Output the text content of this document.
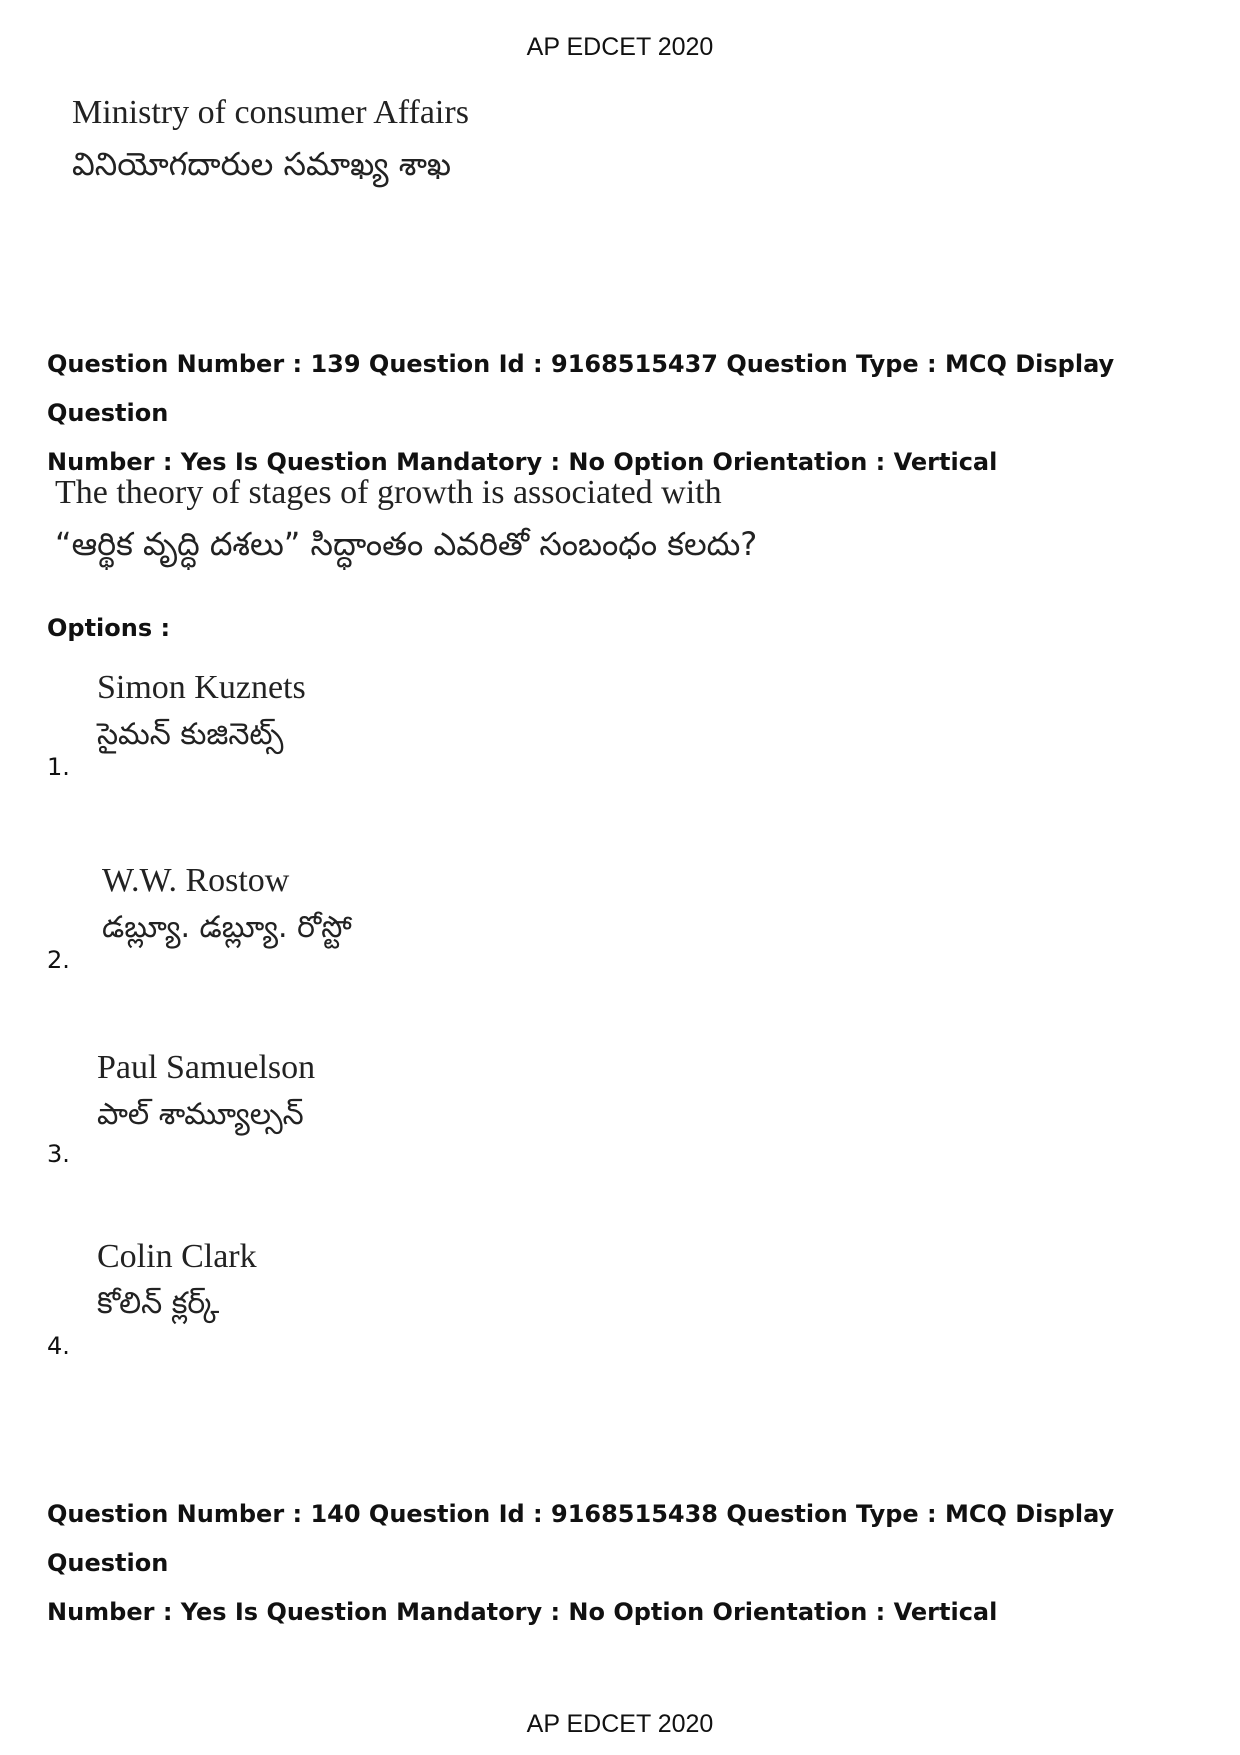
AP EDCET 2020
Ministry of consumer Affairs
వినియోగదారుల సమాఖ్య శాఖ
Question Number : 139 Question Id : 9168515437 Question Type : MCQ Display Question
Number : Yes Is Question Mandatory : No Option Orientation : Vertical
The theory of stages of growth is associated with
“ఆర్థిక వృద్ధి దశలు” సిద్ధాంతం ఎవరితో సంబంధం కలదు?
Options :
Simon Kuznets
సైమన్ కుజినెట్స్
1.
W.W. Rostow
డబ్ల్యూ. డబ్ల్యూ. రోస్టో
2.
Paul Samuelson
పాల్ శామ్యూల్సన్
3.
Colin Clark
కోలిన్ క్లర్క్
4.
Question Number : 140 Question Id : 9168515438 Question Type : MCQ Display Question
Number : Yes Is Question Mandatory : No Option Orientation : Vertical
AP EDCET 2020
